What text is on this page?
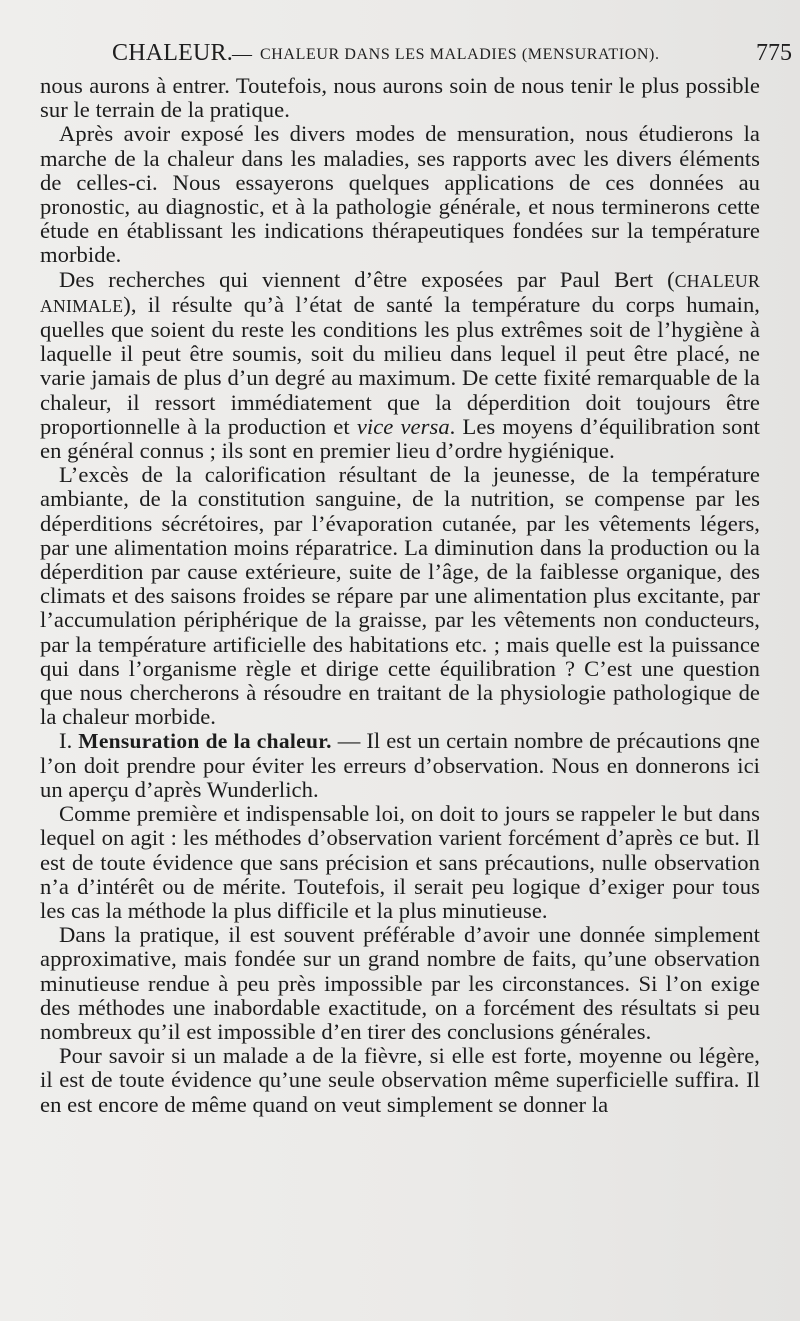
CHALEUR. — CHALEUR DANS LES MALADIES (MENSURATION).	775

nous aurons à entrer. Toutefois, nous aurons soin de nous tenir le plus possible sur le terrain de la pratique.

Après avoir exposé les divers modes de mensuration, nous étudierons la marche de la chaleur dans les maladies, ses rapports avec les divers éléments de celles-ci. Nous essayerons quelques applications de ces données au pronostic, au diagnostic, et à la pathologie générale, et nous terminerons cette étude en établissant les indications thérapeutiques fondées sur la température morbide.

Des recherches qui viennent d’être exposées par Paul Bert (CHALEUR ANIMALE), il résulte qu’à l’état de santé la température du corps humain, quelles que soient du reste les conditions les plus extrêmes soit de l’hygiène à laquelle il peut être soumis, soit du milieu dans lequel il peut être placé, ne varie jamais de plus d’un degré au maximum. De cette fixité remarquable de la chaleur, il ressort immédiatement que la déperdition doit toujours être proportionnelle à la production et vice versa. Les moyens d’équilibration sont en général connus ; ils sont en premier lieu d’ordre hygiénique.

L’excès de la calorification résultant de la jeunesse, de la température ambiante, de la constitution sanguine, de la nutrition, se compense par les déperditions sécrétoires, par l’évaporation cutanée, par les vêtements légers, par une alimentation moins réparatrice. La diminution dans la production ou la déperdition par cause extérieure, suite de l’âge, de la faiblesse organique, des climats et des saisons froides se répare par une alimentation plus excitante, par l’accumulation périphérique de la graisse, par les vêtements non conducteurs, par la température artificielle des habitations etc. ; mais quelle est la puissance qui dans l’organisme règle et dirige cette équilibration ? C’est une question que nous chercherons à résoudre en traitant de la physiologie pathologique de la chaleur morbide.

I. Mensuration de la chaleur. — Il est un certain nombre de précautions qne l’on doit prendre pour éviter les erreurs d’observation. Nous en donnerons ici un aperçu d’après Wunderlich.

Comme première et indispensable loi, on doit to jours se rappeler le but dans lequel on agit : les méthodes d’observation varient forcément d’après ce but. Il est de toute évidence que sans précision et sans précautions, nulle observation n’a d’intérêt ou de mérite. Toutefois, il serait peu logique d’exiger pour tous les cas la méthode la plus difficile et la plus minutieuse.

Dans la pratique, il est souvent préférable d’avoir une donnée simplement approximative, mais fondée sur un grand nombre de faits, qu’une observation minutieuse rendue à peu près impossible par les circonstances. Si l’on exige des méthodes une inabordable exactitude, on a forcément des résultats si peu nombreux qu’il est impossible d’en tirer des conclusions générales.

Pour savoir si un malade a de la fièvre, si elle est forte, moyenne ou légère, il est de toute évidence qu’une seule observation même superficielle suffira. Il en est encore de même quand on veut simplement se donner la
